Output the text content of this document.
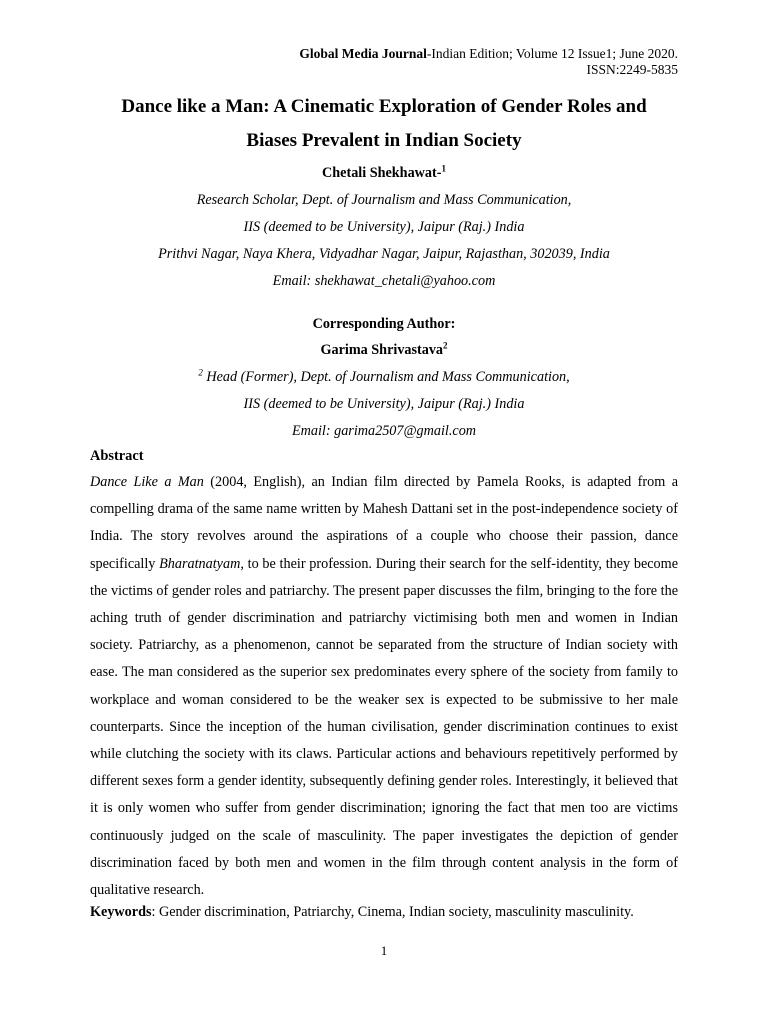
Global Media Journal-Indian Edition; Volume 12 Issue1; June 2020.
ISSN:2249-5835
Dance like a Man: A Cinematic Exploration of Gender Roles and
Biases Prevalent in Indian Society
Chetali Shekhawat-$^1$
Research Scholar, Dept. of Journalism and Mass Communication,
IIS (deemed to be University), Jaipur (Raj.) India
Prithvi Nagar, Naya Khera, Vidyadhar Nagar, Jaipur, Rajasthan, 302039, India
Email: shekhawat_chetali@yahoo.com
Corresponding Author:
Garima Shrivastava$^2$
$^2$ Head (Former), Dept. of Journalism and Mass Communication,
IIS (deemed to be University), Jaipur (Raj.) India
Email: garima2507@gmail.com
Abstract
Dance Like a Man (2004, English), an Indian film directed by Pamela Rooks, is adapted from a compelling drama of the same name written by Mahesh Dattani set in the post-independence society of India. The story revolves around the aspirations of a couple who choose their passion, dance specifically Bharatnatyam, to be their profession. During their search for the self-identity, they become the victims of gender roles and patriarchy. The present paper discusses the film, bringing to the fore the aching truth of gender discrimination and patriarchy victimising both men and women in Indian society. Patriarchy, as a phenomenon, cannot be separated from the structure of Indian society with ease. The man considered as the superior sex predominates every sphere of the society from family to workplace and woman considered to be the weaker sex is expected to be submissive to her male counterparts. Since the inception of the human civilisation, gender discrimination continues to exist while clutching the society with its claws. Particular actions and behaviours repetitively performed by different sexes form a gender identity, subsequently defining gender roles. Interestingly, it believed that it is only women who suffer from gender discrimination; ignoring the fact that men too are victims continuously judged on the scale of masculinity. The paper investigates the depiction of gender discrimination faced by both men and women in the film through content analysis in the form of qualitative research.
Keywords: Gender discrimination, Patriarchy, Cinema, Indian society, masculinity masculinity.
1
